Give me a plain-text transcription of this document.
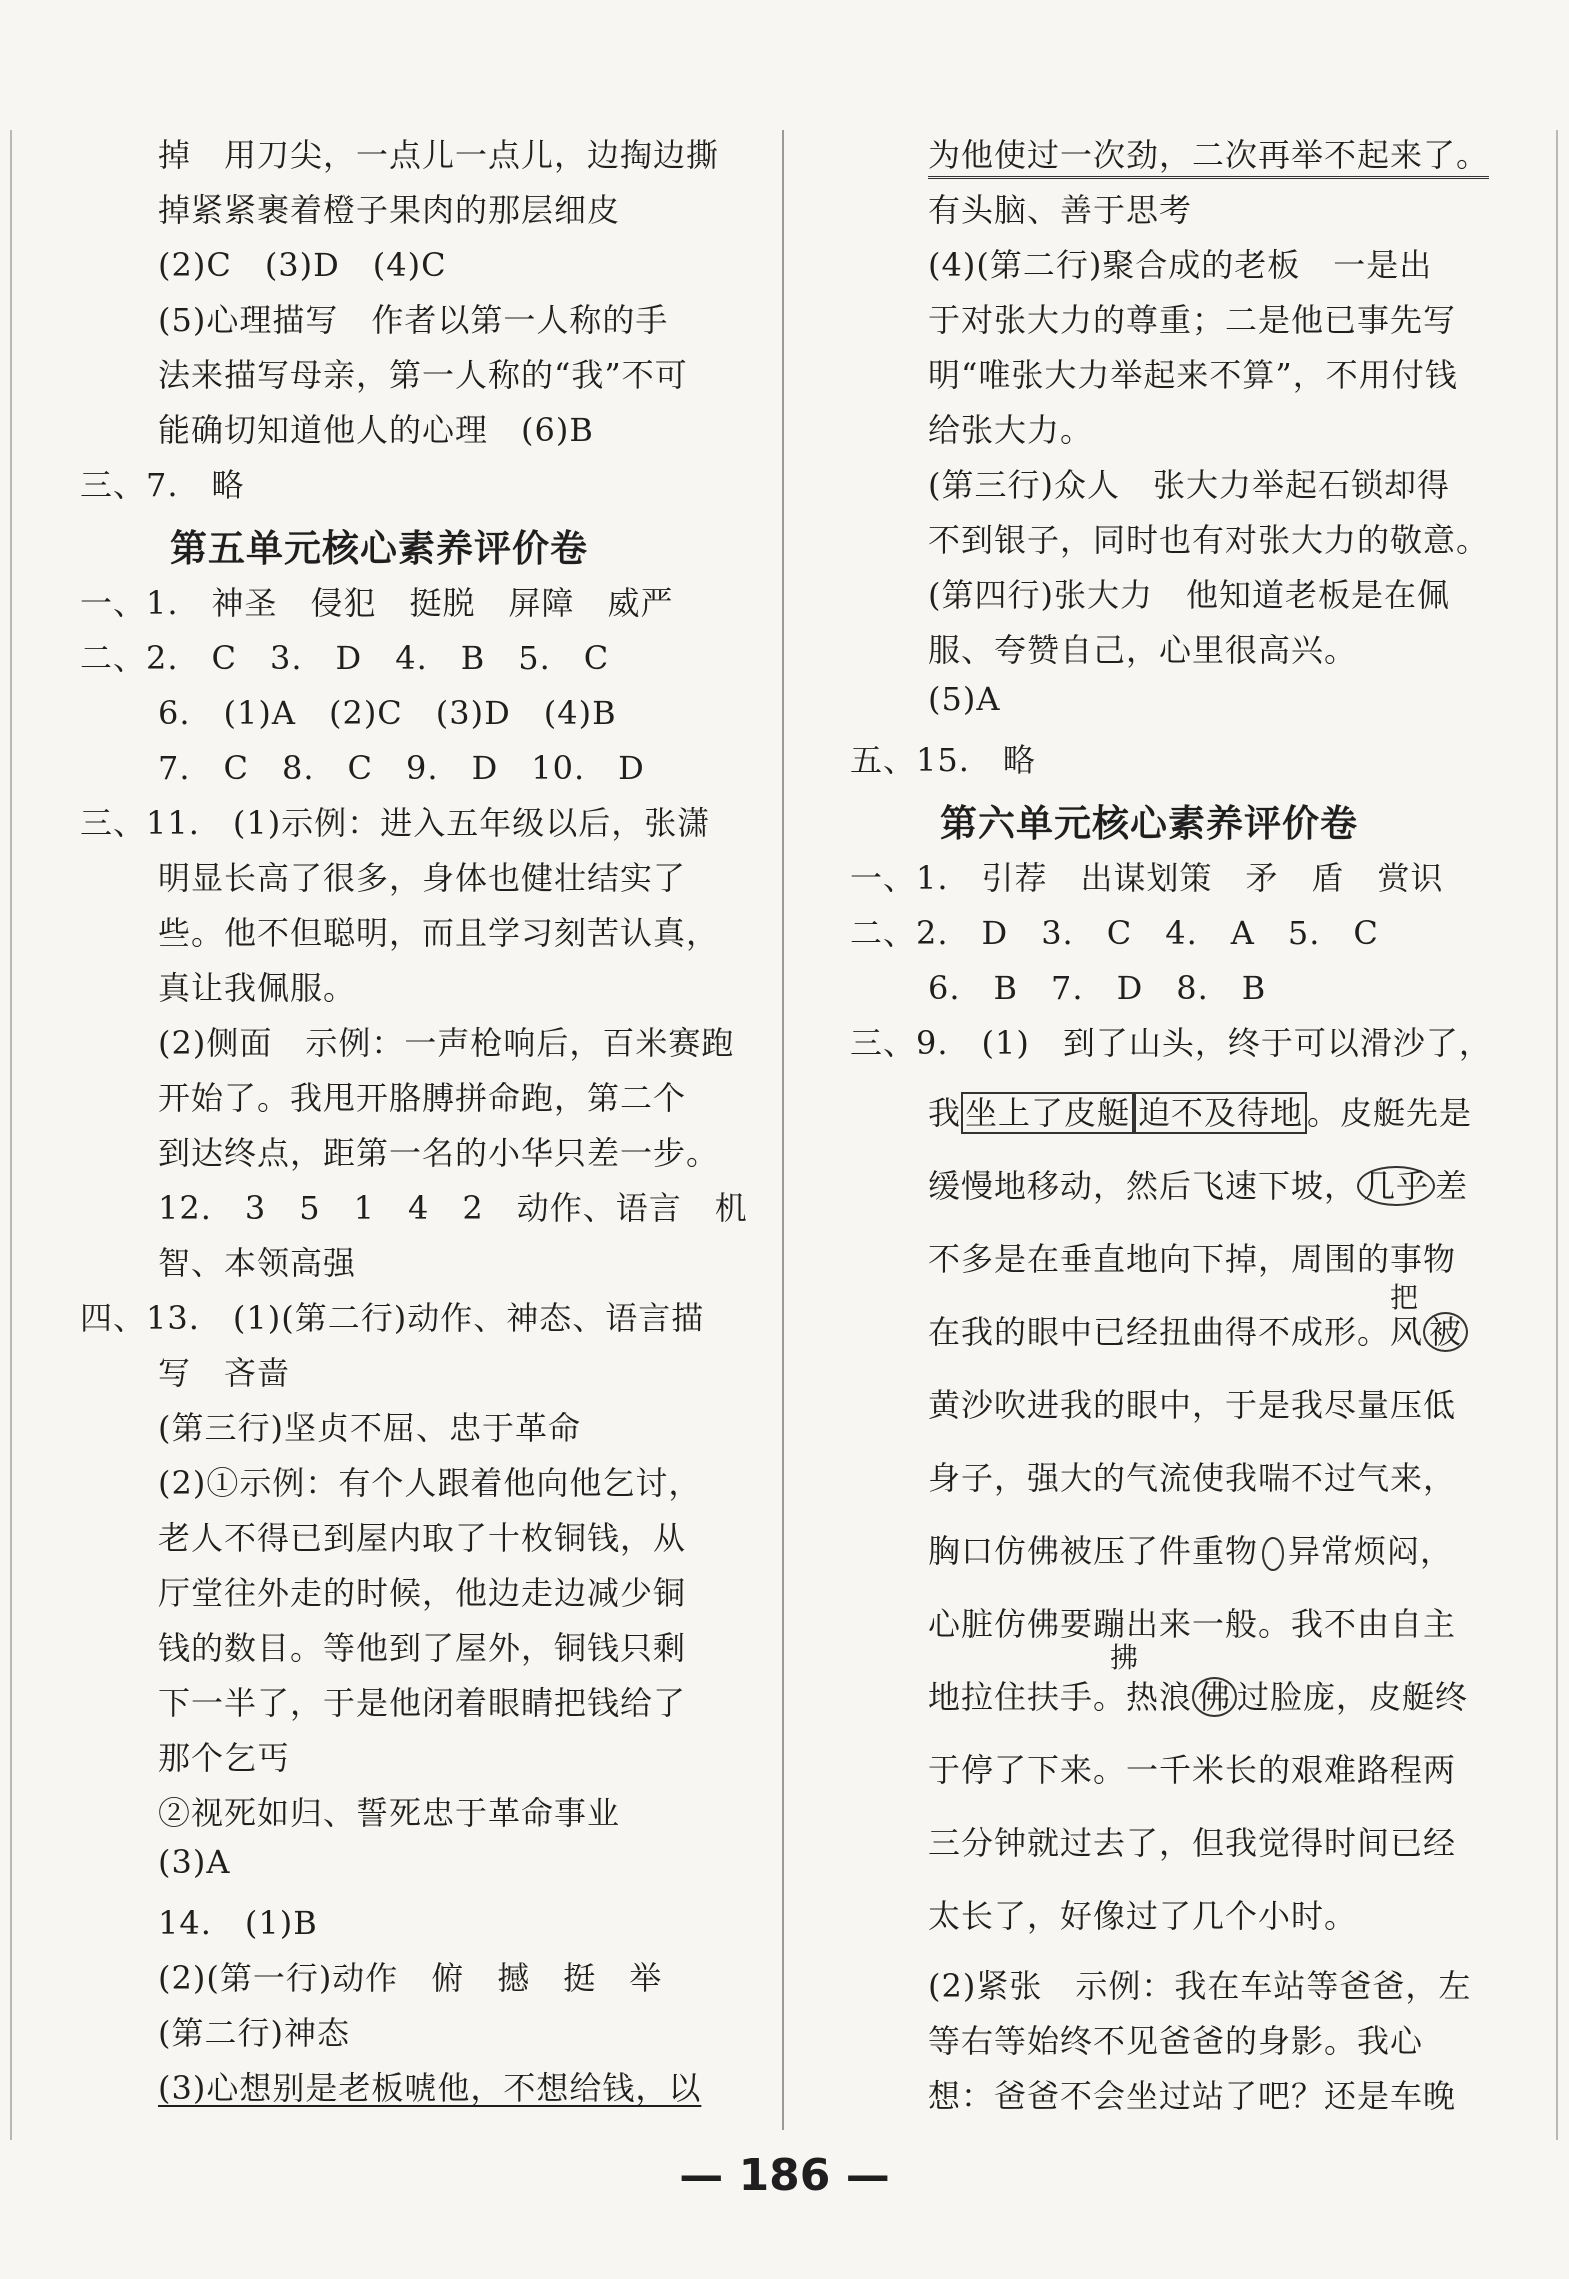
掉　用刀尖，一点儿一点儿，边掏边撕
掉紧紧裹着橙子果肉的那层细皮
(2)C　(3)D　(4)C
(5)心理描写　作者以第一人称的手
法来描写母亲，第一人称的“我”不可
能确切知道他人的心理　(6)B
三、7.　略
第五单元核心素养评价卷
一、1.　神圣　侵犯　挺脱　屏障　威严
二、2.　C　3.　D　4.　B　5.　C
6.　(1)A　(2)C　(3)D　(4)B
7.　C　8.　C　9.　D　10.　D
三、11.　(1)示例：进入五年级以后，张潇
明显长高了很多，身体也健壮结实了
些。他不但聪明，而且学习刻苦认真，
真让我佩服。
(2)侧面　示例：一声枪响后，百米赛跑
开始了。我甩开胳膊拼命跑，第二个
到达终点，距第一名的小华只差一步。
12.　3　5　1　4　2　动作、语言　机
智、本领高强
四、13.　(1)(第二行)动作、神态、语言描
写　吝啬
(第三行)坚贞不屈、忠于革命
(2)①示例：有个人跟着他向他乞讨，
老人不得已到屋内取了十枚铜钱，从
厅堂往外走的时候，他边走边减少铜
钱的数目。等他到了屋外，铜钱只剩
下一半了，于是他闭着眼睛把钱给了
那个乞丐
②视死如归、誓死忠于革命事业
(3)A
14.　(1)B
(2)(第一行)动作　俯　撼　挺　举
(第二行)神态
(3)心想别是老板唬他，不想给钱，以
为他使过一次劲，二次再举不起来了。
有头脑、善于思考
(4)(第二行)聚合成的老板　一是出
于对张大力的尊重；二是他已事先写
明“唯张大力举起来不算”，不用付钱
给张大力。
(第三行)众人　张大力举起石锁却得
不到银子，同时也有对张大力的敬意。
(第四行)张大力　他知道老板是在佩
服、夸赞自己，心里很高兴。
(5)A
五、15.　略
第六单元核心素养评价卷
一、1.　引荐　出谋划策　矛　盾　赏识
二、2.　D　3.　C　4.　A　5.　C
6.　B　7.　D　8.　B
三、9.　(1)　到了山头，终于可以滑沙了，
我 坐上了皮艇 迫不及待地 。皮艇先是
缓慢地移动，然后飞速下坡， 几乎 差
不多是在垂直地向下掉，周围的事物
把
在我的眼中已经扭曲得不成形。风 被
黄沙吹进我的眼中，于是我尽量压低
身子，强大的气流使我喘不过气来，
胸口仿佛被压了件重物 异常烦闷，
心脏仿佛要蹦出来一般。我不由自主
拂
地拉住扶手。热浪 佛 过脸庞，皮艇终
于停了下来。一千米长的艰难路程两
三分钟就过去了，但我觉得时间已经
太长了，好像过了几个小时。
(2)紧张　示例：我在车站等爸爸，左
等右等始终不见爸爸的身影。我心
想：爸爸不会坐过站了吧？还是车晚
— 186 —
